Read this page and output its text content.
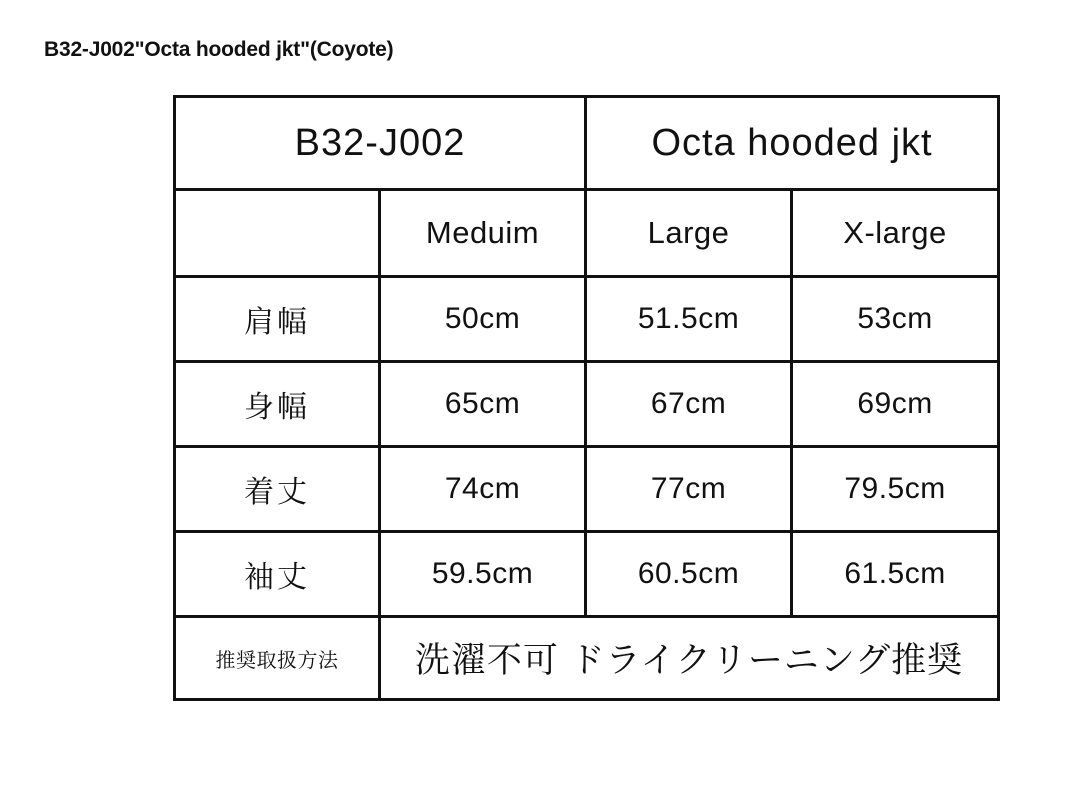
B32-J002"Octa hooded jkt"(Coyote)
B32-J002		Octa hooded jkt	
	Meduim	Large	X-large
肩幅	50cm	51.5cm	53cm
身幅	65cm	67cm	69cm
着丈	74cm	77cm	79.5cm
袖丈	59.5cm	60.5cm	61.5cm
推奨取扱方法	洗濯不可 ドライクリーニング推奨		
